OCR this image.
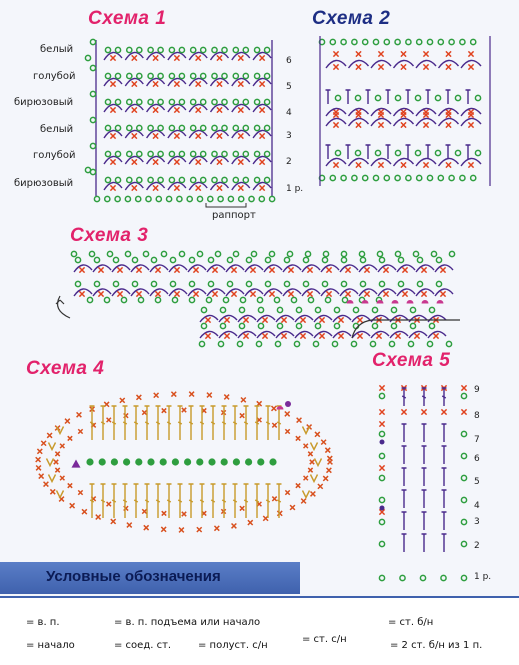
Схема 1	Схема 2
Схема 3
Схема 4	Схема 5
белый
голубой
бирюзовый
белый
голубой
бирюзовый
6
5
4
3
2
1 р.
раппорт
9
8
7
6
5
4
3
2
1 р.
Условные обозначения
= в. п.	= в. п. подъема или начало	= ст. б/н
= начало	= соед. ст.	= полуст. с/н
= ст. с/н
= 2 ст. б/н из 1 п.
